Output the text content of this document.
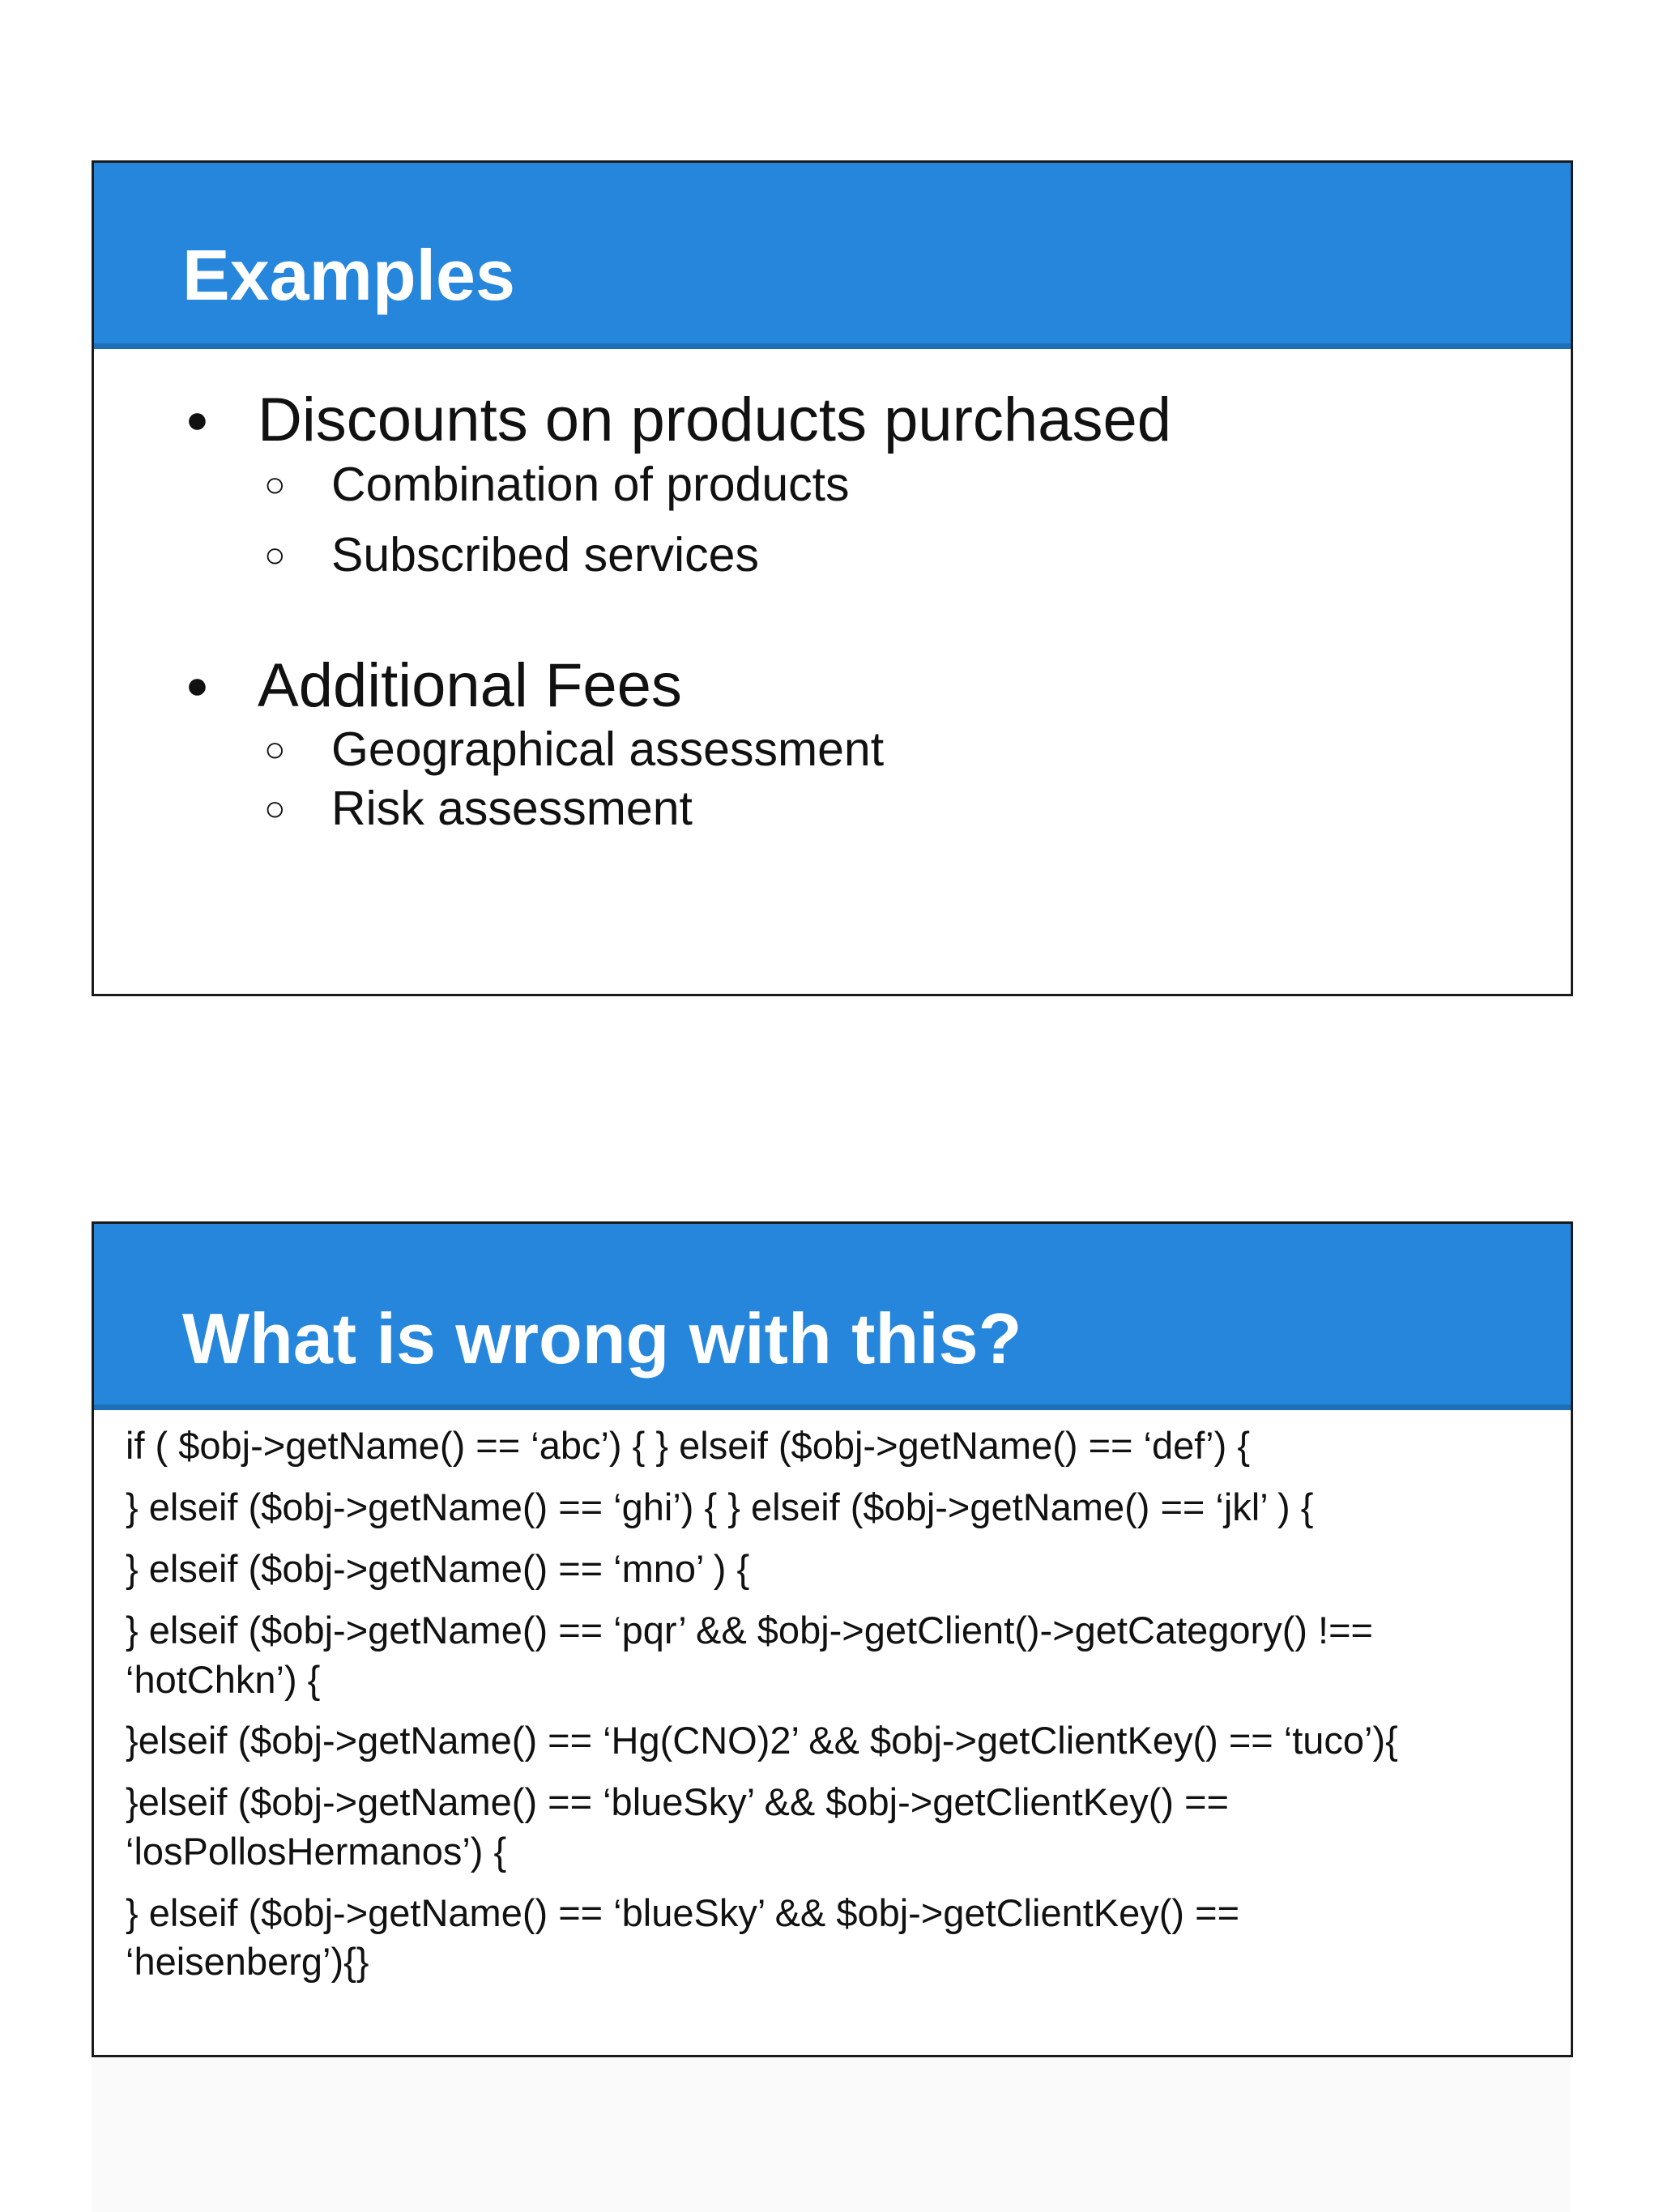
Examples
● Discounts on products purchased
○ Combination of products
○ Subscribed services
● Additional Fees
○ Geographical assessment
○ Risk assessment
What is wrong with this?
if ( $obj->getName() == ‘abc’) { } elseif ($obj->getName() == ‘def’) {
} elseif ($obj->getName() == ‘ghi’) { } elseif ($obj->getName() == ‘jkl’ ) {
} elseif ($obj->getName() == ‘mno’ ) {
} elseif ($obj->getName() == ‘pqr’ && $obj->getClient()->getCategory() !==
‘hotChkn’) {
}elseif ($obj->getName() == ‘Hg(CNO)2’ && $obj->getClientKey() == ‘tuco’){
}elseif ($obj->getName() == ‘blueSky’ && $obj->getClientKey() ==
‘losPollosHermanos’) {
} elseif ($obj->getName() == ‘blueSky’ && $obj->getClientKey() ==
‘heisenberg’){}
